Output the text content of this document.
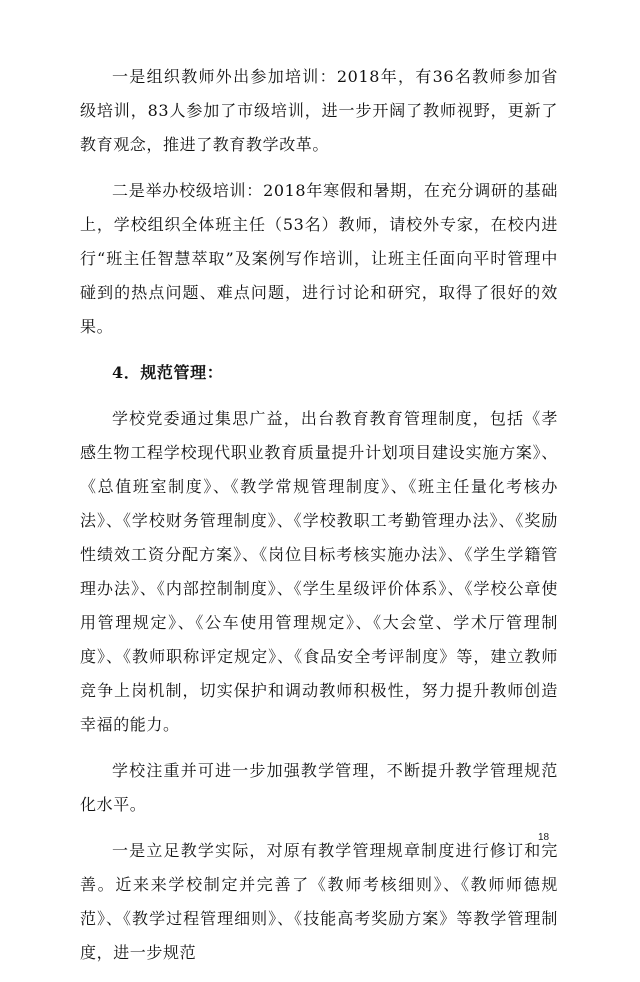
一是组织教师外出参加培训：2018年，有36名教师参加省级培训，83人参加了市级培训，进一步开阔了教师视野，更新了教育观念，推进了教育教学改革。

二是举办校级培训：2018年寒假和暑期，在充分调研的基础上，学校组织全体班主任（53名）教师，请校外专家，在校内进行“班主任智慧萃取”及案例写作培训，让班主任面向平时管理中碰到的热点问题、难点问题，进行讨论和研究，取得了很好的效果。

4．规范管理：

学校党委通过集思广益，出台教育教育管理制度，包括《孝感生物工程学校现代职业教育质量提升计划项目建设实施方案》、《总值班室制度》、《教学常规管理制度》、《班主任量化考核办法》、《学校财务管理制度》、《学校教职工考勤管理办法》、《奖励性绩效工资分配方案》、《岗位目标考核实施办法》、《学生学籍管理办法》、《内部控制制度》、《学生星级评价体系》、《学校公章使用管理规定》、《公车使用管理规定》、《大会堂、学术厅管理制度》、《教师职称评定规定》、《食品安全考评制度》等，建立教师竞争上岗机制，切实保护和调动教师积极性，努力提升教师创造幸福的能力。

学校注重并可进一步加强教学管理，不断提升教学管理规范化水平。

一是立足教学实际，对原有教学管理规章制度进行修订和完善。近来来学校制定并完善了《教师考核细则》、《教师师德规范》、《教学过程管理细则》、《技能高考奖励方案》等教学管理制度，进一步规范

18
